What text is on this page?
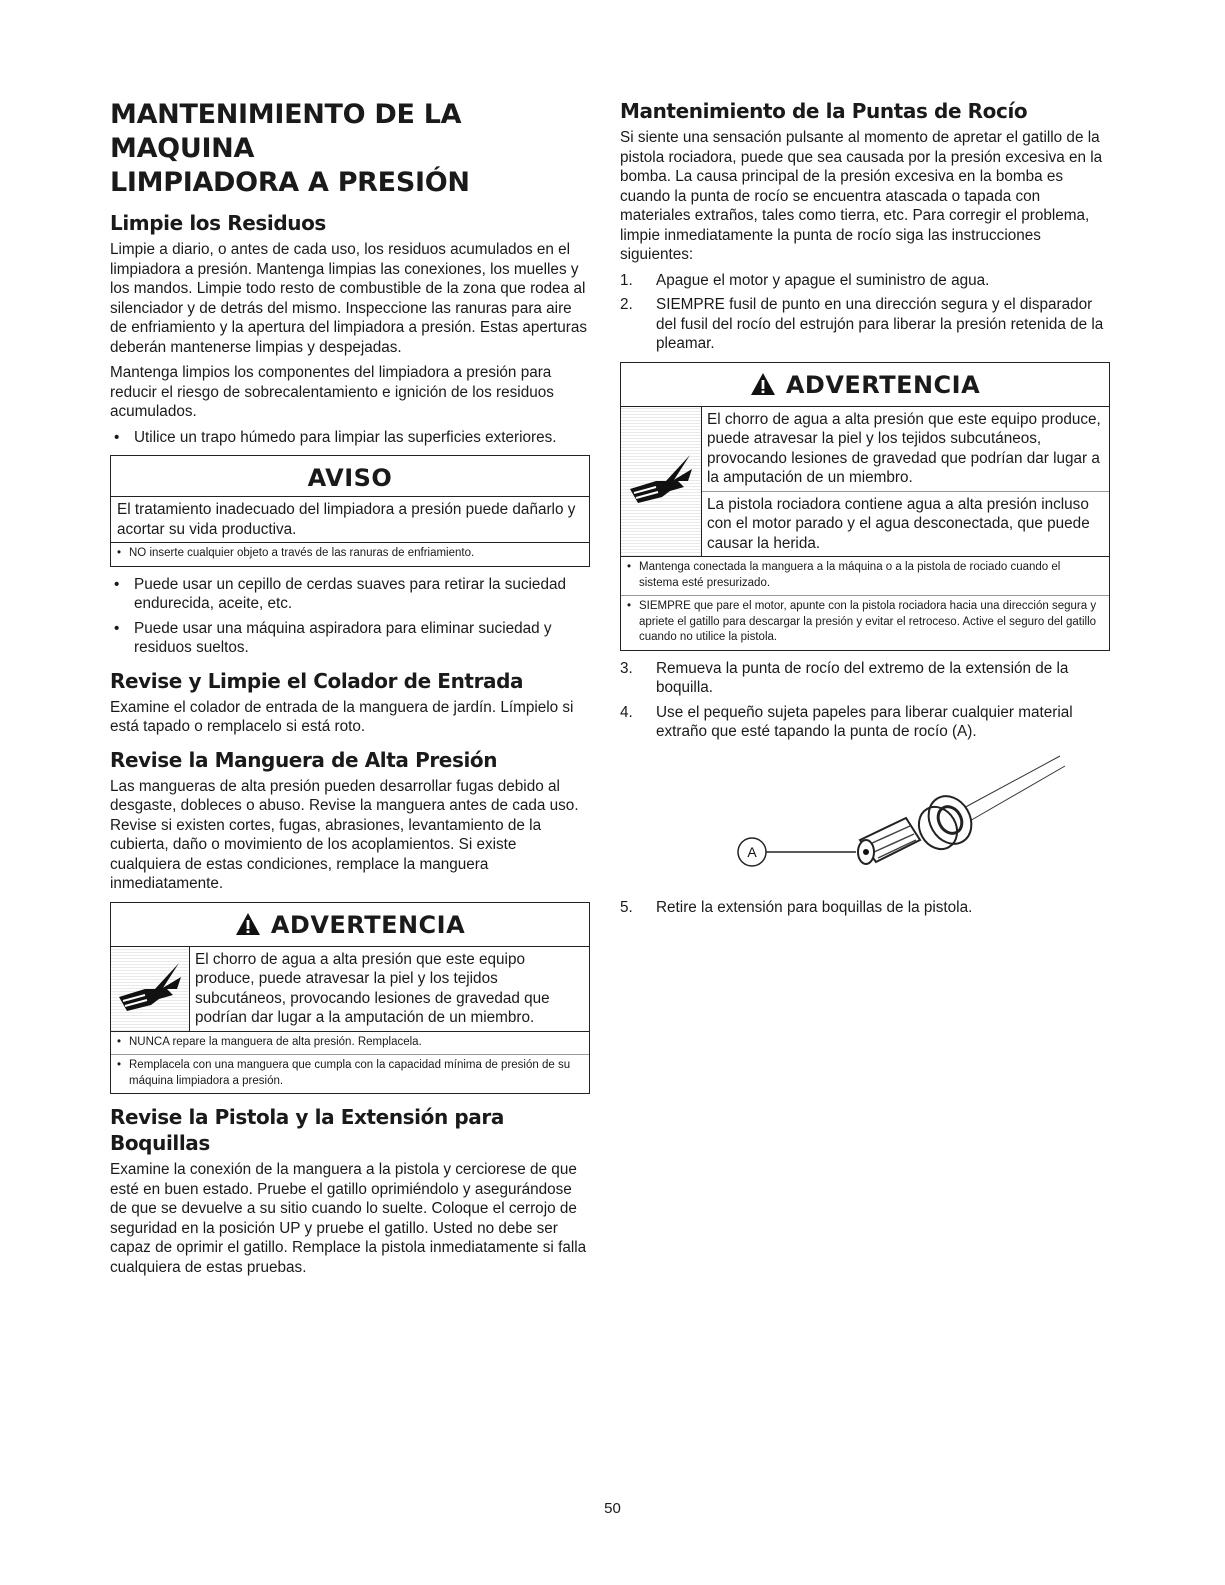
MANTENIMIENTO DE LA MAQUINA
LIMPIADORA A PRESIÓN
Limpie los Residuos

Limpie a diario, o antes de cada uso, los residuos acumulados en el limpiadora a presión. Mantenga limpias las conexiones, los muelles y los mandos. Limpie todo resto de combustible de la zona que rodea al silenciador y de detrás del mismo. Inspeccione las ranuras para aire de enfriamiento y la apertura del limpiadora a presión. Estas aperturas deberán mantenerse limpias y despejadas.

Mantenga limpios los componentes del limpiadora a presión para reducir el riesgo de sobrecalentamiento e ignición de los residuos acumulados.

• Utilice un trapo húmedo para limpiar las superficies exteriores.
AVISO
El tratamiento inadecuado del limpiadora a presión puede dañarlo y acortar su vida productiva.
• NO inserte cualquier objeto a través de las ranuras de enfriamiento.
• Puede usar un cepillo de cerdas suaves para retirar la suciedad endurecida, aceite, etc.
• Puede usar una máquina aspiradora para eliminar suciedad y residuos sueltos.
Revise y Limpie el Colador de Entrada

Examine el colador de entrada de la manguera de jardín. Límpielo si está tapado o remplacelo si está roto.

Revise la Manguera de Alta Presión

Las mangueras de alta presión pueden desarrollar fugas debido al desgaste, dobleces o abuso. Revise la manguera antes de cada uso. Revise si existen cortes, fugas, abrasiones, levantamiento de la cubierta, daño o movimiento de los acoplamientos. Si existe cualquiera de estas condiciones, remplace la manguera inmediatamente.

ADVERTENCIA
El chorro de agua a alta presión que este equipo produce, puede atravesar la piel y los tejidos subcutáneos, provocando lesiones de gravedad que podrían dar lugar a la amputación de un miembro.
• NUNCA repare la manguera de alta presión. Remplacela.
• Remplacela con una manguera que cumpla con la capacidad mínima de presión de su máquina limpiadora a presión.
Revise la Pistola y la Extensión para Boquillas

Examine la conexión de la manguera a la pistola y cerciorese de que esté en buen estado. Pruebe el gatillo oprimiéndolo y asegurándose de que se devuelve a su sitio cuando lo suelte. Coloque el cerrojo de seguridad en la posición UP y pruebe el gatillo. Usted no debe ser capaz de oprimir el gatillo. Remplace la pistola inmediatamente si falla cualquiera de estas pruebas.

Mantenimiento de la Puntas de Rocío

Si siente una sensación pulsante al momento de apretar el gatillo de la pistola rociadora, puede que sea causada por la presión excesiva en la bomba. La causa principal de la presión excesiva en la bomba es cuando la punta de rocío se encuentra atascada o tapada con materiales extraños, tales como tierra, etc. Para corregir el problema, limpie inmediatamente la punta de rocío siga las instrucciones siguientes:

1.	Apague el motor y apague el suministro de agua.
2.	SIEMPRE fusil de punto en una dirección segura y el disparador del fusil del rocío del estrujón para liberar la presión retenida de la pleamar.
ADVERTENCIA
El chorro de agua a alta presión que este equipo produce, puede atravesar la piel y los tejidos subcutáneos, provocando lesiones de gravedad que podrían dar lugar a la amputación de un miembro.
La pistola rociadora contiene agua a alta presión incluso con el motor parado y el agua desconectada, que puede causar la herida.
• Mantenga conectada la manguera a la máquina o a la pistola de rociado cuando el sistema esté presurizado.
• SIEMPRE que pare el motor, apunte con la pistola rociadora hacia una dirección segura y apriete el gatillo para descargar la presión y evitar el retroceso. Active el seguro del gatillo cuando no utilice la pistola.
3.	Remueva la punta de rocío del extremo de la extensión de la boquilla.
4.	Use el pequeño sujeta papeles para liberar cualquier material extraño que esté tapando la punta de rocío (A).
A
5.	Retire la extensión para boquillas de la pistola.
50
